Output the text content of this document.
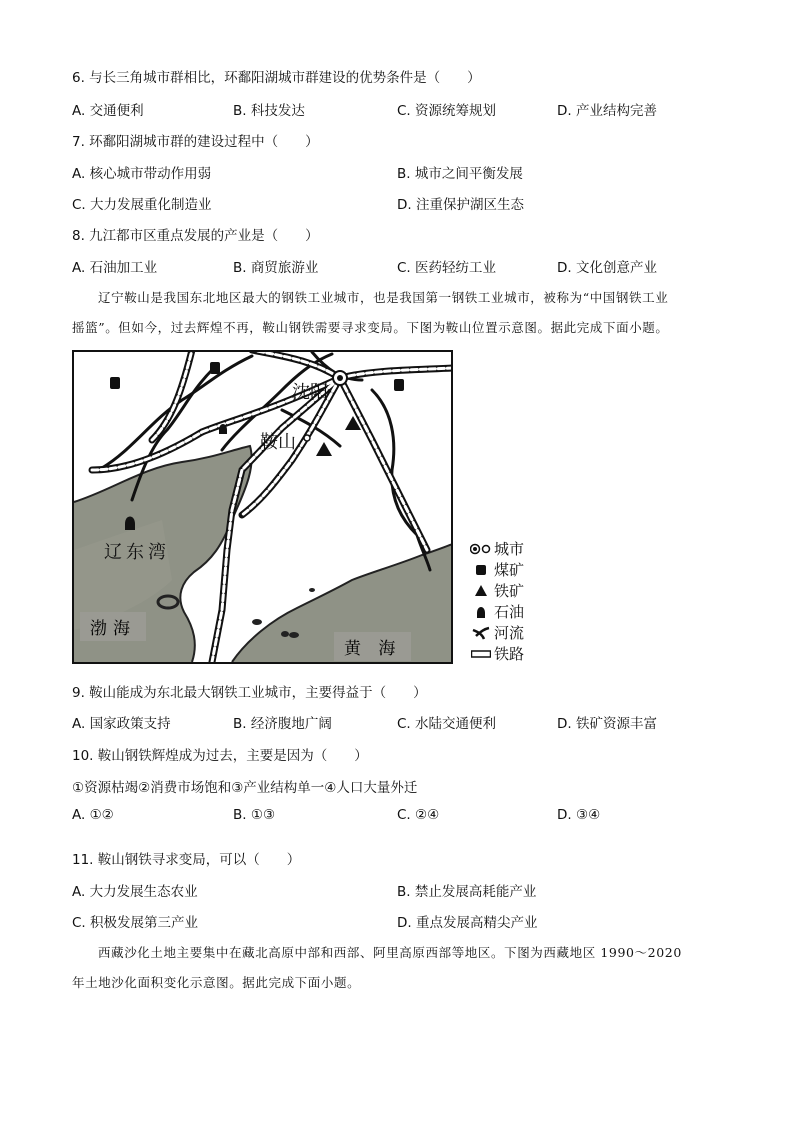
6. 与长三角城市群相比，环鄱阳湖城市群建设的优势条件是（　　）
A. 交通便利	B. 科技发达	C. 资源统筹规划	D. 产业结构完善
7. 环鄱阳湖城市群的建设过程中（　　）
A. 核心城市带动作用弱	B. 城市之间平衡发展
C. 大力发展重化制造业	D. 注重保护湖区生态
8. 九江都市区重点发展的产业是（　　）
A. 石油加工业	B. 商贸旅游业	C. 医药轻纺工业	D. 文化创意产业
辽宁鞍山是我国东北地区最大的钢铁工业城市，也是我国第一钢铁工业城市，被称为“中国钢铁工业
摇篮”。但如今，过去辉煌不再，鞍山钢铁需要寻求变局。下图为鞍山位置示意图。据此完成下面小题。
沈阳
鞍山
辽东湾
渤海
黄 海
城市
煤矿
铁矿
石油
河流
铁路
9. 鞍山能成为东北最大钢铁工业城市，主要得益于（　　）
A. 国家政策支持	B. 经济腹地广阔	C. 水陆交通便利	D. 铁矿资源丰富
10. 鞍山钢铁辉煌成为过去，主要是因为（　　）
①资源枯竭②消费市场饱和③产业结构单一④人口大量外迁
A. ①②	B. ①③	C. ②④	D. ③④
11. 鞍山钢铁寻求变局，可以（　　）
A. 大力发展生态农业	B. 禁止发展高耗能产业
C. 积极发展第三产业	D. 重点发展高精尖产业
西藏沙化土地主要集中在藏北高原中部和西部、阿里高原西部等地区。下图为西藏地区 1990～2020
年土地沙化面积变化示意图。据此完成下面小题。
